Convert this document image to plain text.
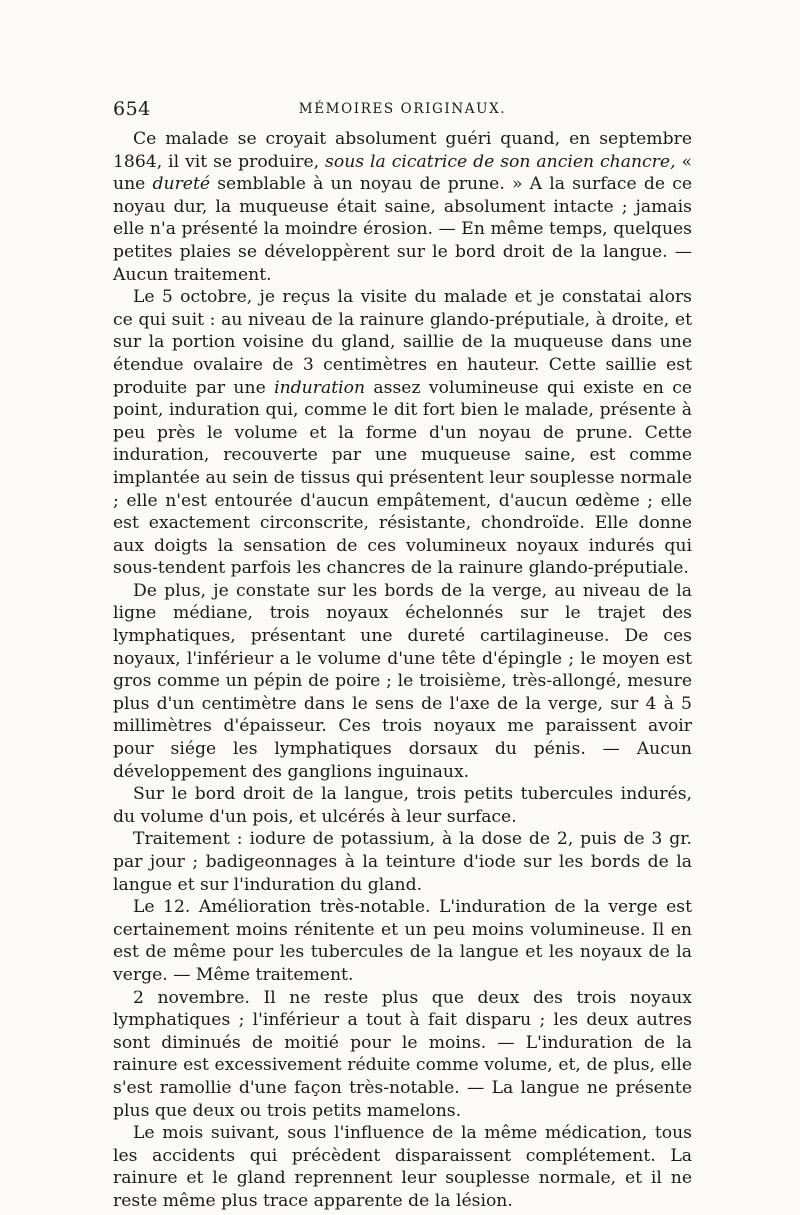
654	MÉMOIRES ORIGINAUX.

Ce malade se croyait absolument guéri quand, en septembre 1864, il vit se produire, sous la cicatrice de son ancien chancre, « une dureté semblable à un noyau de prune. » A la surface de ce noyau dur, la muqueuse était saine, absolument intacte ; jamais elle n'a présenté la moindre érosion. — En même temps, quelques petites plaies se développèrent sur le bord droit de la langue. — Aucun traitement.

Le 5 octobre, je reçus la visite du malade et je constatai alors ce qui suit : au niveau de la rainure glando-préputiale, à droite, et sur la portion voisine du gland, saillie de la muqueuse dans une étendue ovalaire de 3 centimètres en hauteur. Cette saillie est produite par une induration assez volumineuse qui existe en ce point, induration qui, comme le dit fort bien le malade, présente à peu près le volume et la forme d'un noyau de prune. Cette induration, recouverte par une muqueuse saine, est comme implantée au sein de tissus qui présentent leur souplesse normale ; elle n'est entourée d'aucun empâtement, d'aucun œdème ; elle est exactement circonscrite, résistante, chondroïde. Elle donne aux doigts la sensation de ces volumineux noyaux indurés qui sous-tendent parfois les chancres de la rainure glando-préputiale.

De plus, je constate sur les bords de la verge, au niveau de la ligne médiane, trois noyaux échelonnés sur le trajet des lymphatiques, présentant une dureté cartilagineuse. De ces noyaux, l'inférieur a le volume d'une tête d'épingle ; le moyen est gros comme un pépin de poire ; le troisième, très-allongé, mesure plus d'un centimètre dans le sens de l'axe de la verge, sur 4 à 5 millimètres d'épaisseur. Ces trois noyaux me paraissent avoir pour siége les lymphatiques dorsaux du pénis. — Aucun développement des ganglions inguinaux.

Sur le bord droit de la langue, trois petits tubercules indurés, du volume d'un pois, et ulcérés à leur surface.

Traitement : iodure de potassium, à la dose de 2, puis de 3 gr. par jour ; badigeonnages à la teinture d'iode sur les bords de la langue et sur l'induration du gland.

Le 12. Amélioration très-notable. L'induration de la verge est certainement moins rénitente et un peu moins volumineuse. Il en est de même pour les tubercules de la langue et les noyaux de la verge. — Même traitement.

2 novembre. Il ne reste plus que deux des trois noyaux lymphatiques ; l'inférieur a tout à fait disparu ; les deux autres sont diminués de moitié pour le moins. — L'induration de la rainure est excessivement réduite comme volume, et, de plus, elle s'est ramollie d'une façon très-notable. — La langue ne présente plus que deux ou trois petits mamelons.

Le mois suivant, sous l'influence de la même médication, tous les accidents qui précèdent disparaissent complétement. La rainure et le gland reprennent leur souplesse normale, et il ne reste même plus trace apparente de la lésion.
